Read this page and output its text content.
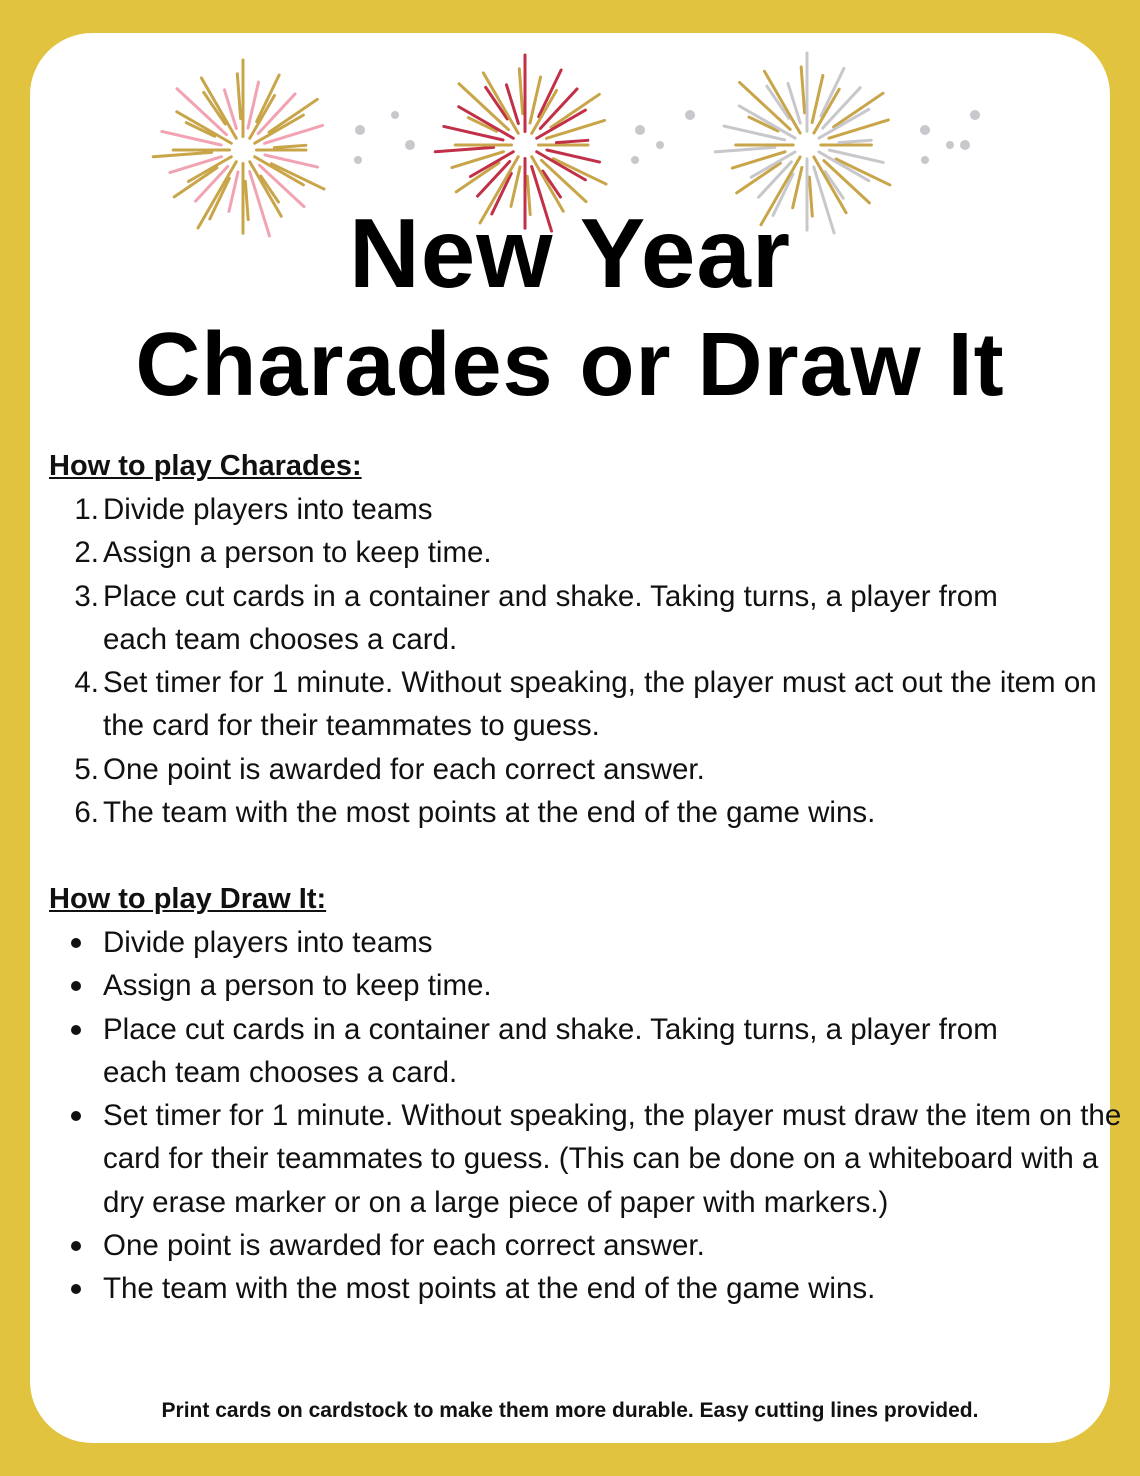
New Year
Charades or Draw It

How to play Charades:

1. Divide players into teams
2. Assign a person to keep time.
3. Place cut cards in a container and shake. Taking turns, a player from each team chooses a card.
4. Set timer for 1 minute. Without speaking, the player must act out the item on the card for their teammates to guess.
5. One point is awarded for each correct answer.
6. The team with the most points at the end of the game wins.

How to play Draw It:

Divide players into teams
Assign a person to keep time.
Place cut cards in a container and shake. Taking turns, a player from each team chooses a card.
Set timer for 1 minute. Without speaking, the player must draw the item on the card for their teammates to guess. (This can be done on a whiteboard with a dry erase marker or on a large piece of paper with markers.)
One point is awarded for each correct answer.
The team with the most points at the end of the game wins.
Print cards on cardstock to make them more durable. Easy cutting lines provided.
